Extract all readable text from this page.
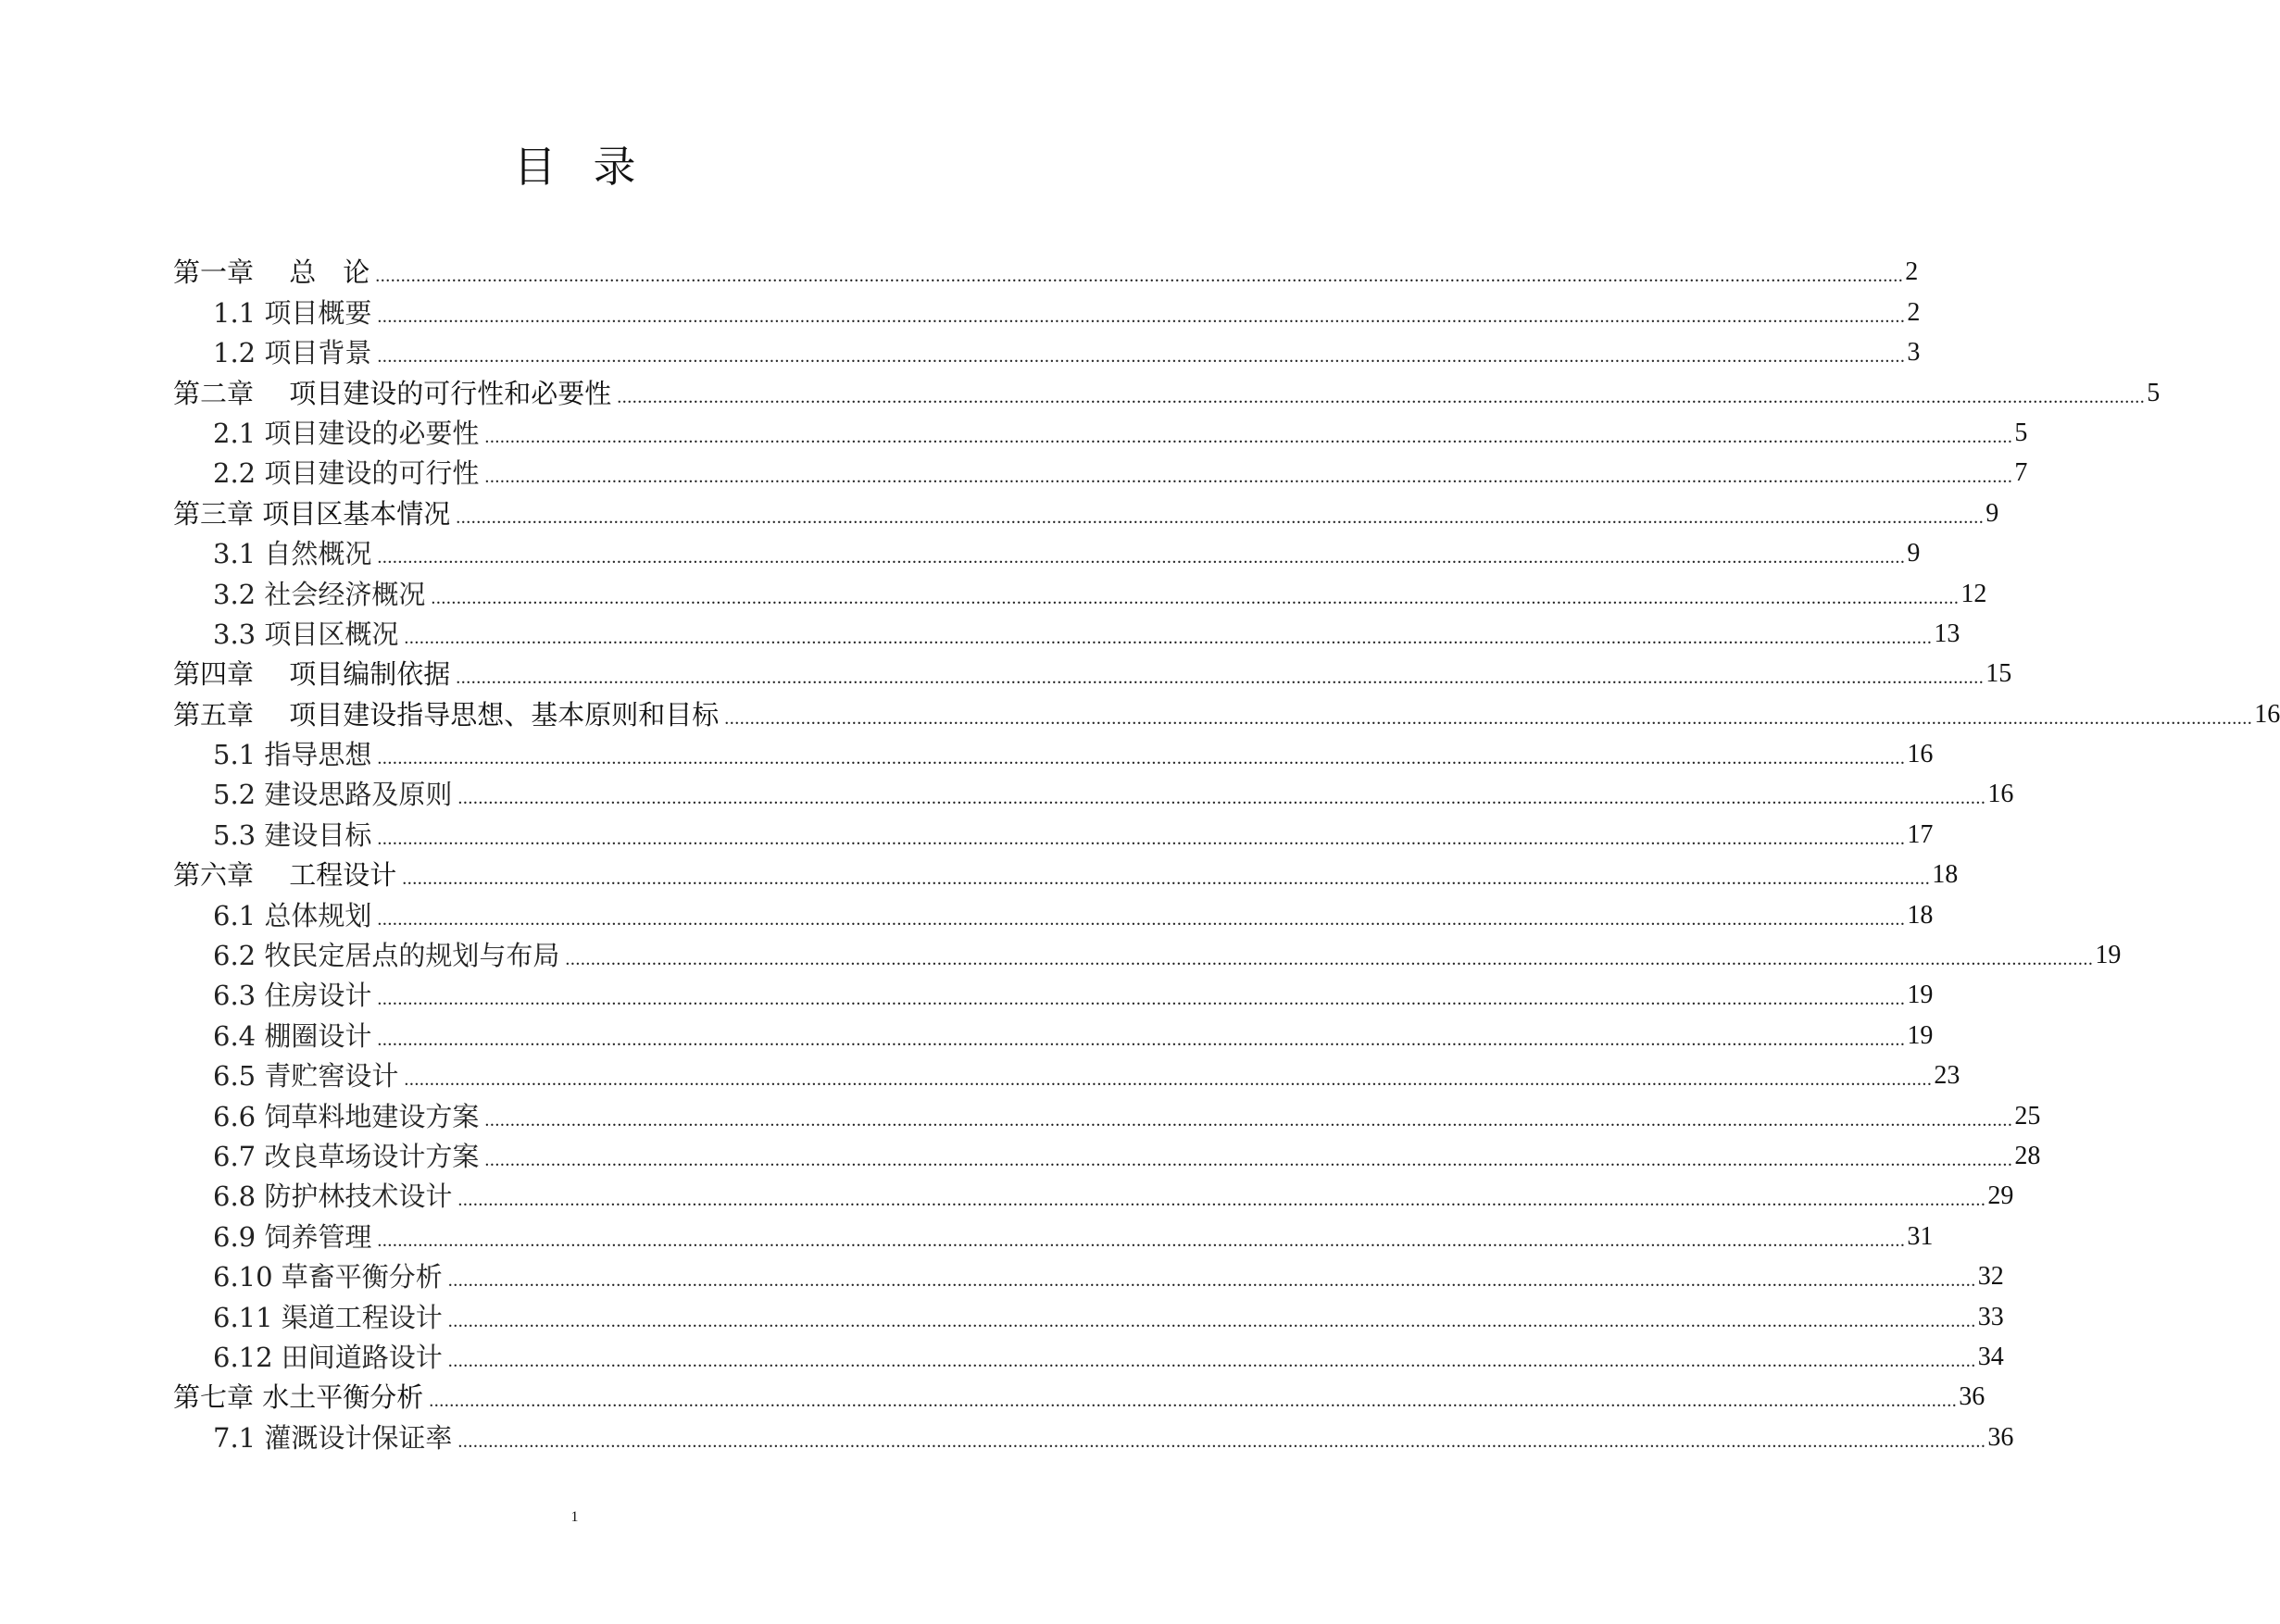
目录
第一章　 总　论 ............................................................................................................................................................................................................................................................................................................ 2
1.1 项目概要 ............................................................................................................................................................................................................................................................................................................ 2
1.2 项目背景 ............................................................................................................................................................................................................................................................................................................ 3
第二章　 项目建设的可行性和必要性 ............................................................................................................................................................................................................................................................................................................ 5
2.1 项目建设的必要性 ............................................................................................................................................................................................................................................................................................................ 5
2.2 项目建设的可行性 ............................................................................................................................................................................................................................................................................................................ 7
第三章 项目区基本情况 ............................................................................................................................................................................................................................................................................................................ 9
3.1 自然概况 ............................................................................................................................................................................................................................................................................................................ 9
3.2 社会经济概况 ............................................................................................................................................................................................................................................................................................................ 12
3.3 项目区概况 ............................................................................................................................................................................................................................................................................................................ 13
第四章　 项目编制依据 ............................................................................................................................................................................................................................................................................................................ 15
第五章　 项目建设指导思想、基本原则和目标 ............................................................................................................................................................................................................................................................................................................ 16
5.1 指导思想 ............................................................................................................................................................................................................................................................................................................ 16
5.2 建设思路及原则 ............................................................................................................................................................................................................................................................................................................ 16
5.3 建设目标 ............................................................................................................................................................................................................................................................................................................ 17
第六章　 工程设计 ............................................................................................................................................................................................................................................................................................................ 18
6.1 总体规划 ............................................................................................................................................................................................................................................................................................................ 18
6.2 牧民定居点的规划与布局 ............................................................................................................................................................................................................................................................................................................ 19
6.3 住房设计 ............................................................................................................................................................................................................................................................................................................ 19
6.4 棚圈设计 ............................................................................................................................................................................................................................................................................................................ 19
6.5 青贮窖设计 ............................................................................................................................................................................................................................................................................................................ 23
6.6 饲草料地建设方案 ............................................................................................................................................................................................................................................................................................................ 25
6.7 改良草场设计方案 ............................................................................................................................................................................................................................................................................................................ 28
6.8 防护林技术设计 ............................................................................................................................................................................................................................................................................................................ 29
6.9 饲养管理 ............................................................................................................................................................................................................................................................................................................ 31
6.10 草畜平衡分析 ............................................................................................................................................................................................................................................................................................................ 32
6.11 渠道工程设计 ............................................................................................................................................................................................................................................................................................................ 33
6.12 田间道路设计 ............................................................................................................................................................................................................................................................................................................ 34
第七章 水土平衡分析 ............................................................................................................................................................................................................................................................................................................ 36
7.1 灌溉设计保证率 ............................................................................................................................................................................................................................................................................................................ 36
1
